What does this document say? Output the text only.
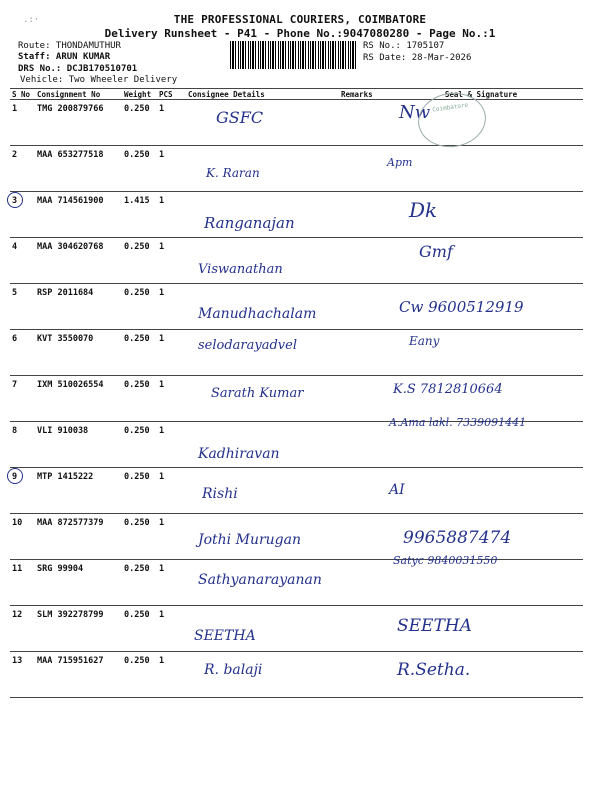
.:·	THE PROFESSIONAL COURIERS, COIMBATORE
Delivery Runsheet - P41 - Phone No.:9047080280 - Page No.:1
Route: THONDAMUTHUR
Staff: ARUN KUMAR
DRS No.: DCJB170510701
Vehicle: Two Wheeler Delivery
RS No.: 1705107
RS Date: 28-Mar-2026
S No	Consignment No	Weight	PCS	Consignee Details	Remarks	Seal & Signature
1	TMG 200879766	0.250	1	GSFC		Nw

2	MAA 653277518	0.250	1	K. Raran		Apm

3	MAA 714561900	1.415	1	Ranganajan		Dk

4	MAA 304620768	0.250	1	Viswanathan		Gmf

5	RSP 2011684	0.250	1	Manudhachalam		Cw 9600512919

6	KVT 3550070	0.250	1	selodarayadvel		Eany

7	IXM 510026554	0.250	1	Sarath Kumar		K.S 7812810664

8	VLI 910038	0.250	1	Kadhiravan		A.Ama lakl. 7339091441

9	MTP 1415222	0.250	1	Rishi		AI

10	MAA 872577379	0.250	1	Jothi Murugan		9965887474

11	SRG 99904	0.250	1	Sathyanarayanan		Satyc 9840031550

12	SLM 392278799	0.250	1	SEETHA		SEETHA

13	MAA 715951627	0.250	1	R. balaji		R.Setha.

Coimbatore
